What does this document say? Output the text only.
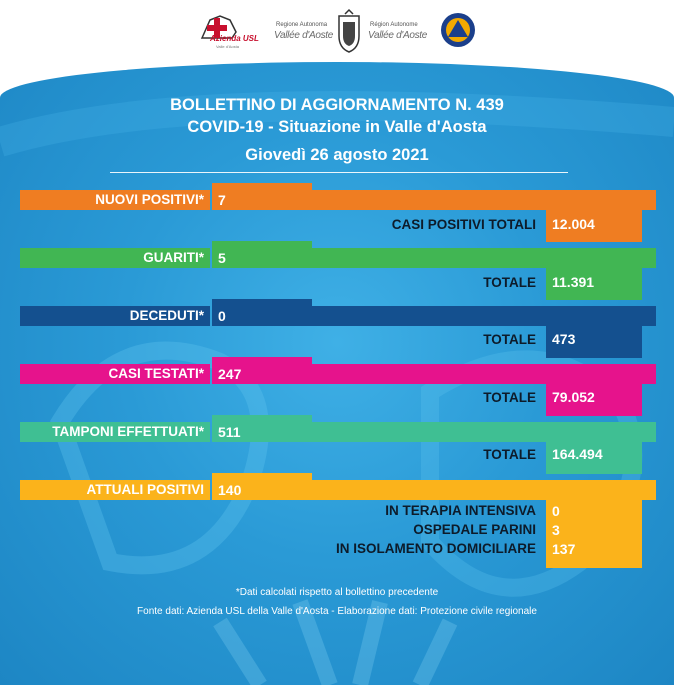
Azienda USL
Valle d'Aosta
Regione Autonoma
Vallée d'Aoste
Région Autonome
Vallée d'Aoste
BOLLETTINO DI AGGIORNAMENTO N. 439
COVID-19 - Situazione in Valle d'Aosta
Giovedì 26 agosto 2021
NUOVI POSITIVI* 7
CASI POSITIVI TOTALI 12.004
GUARITI* 5
TOTALE 11.391
DECEDUTI* 0
TOTALE 473
CASI TESTATI* 247
TOTALE 79.052
TAMPONI EFFETTUATI* 511
TOTALE 164.494
ATTUALI POSITIVI 140
IN TERAPIA INTENSIVA 0
OSPEDALE PARINI 3
IN ISOLAMENTO DOMICILIARE 137
*Dati calcolati rispetto al bollettino precedente
Fonte dati: Azienda USL della Valle d'Aosta - Elaborazione dati: Protezione civile regionale
